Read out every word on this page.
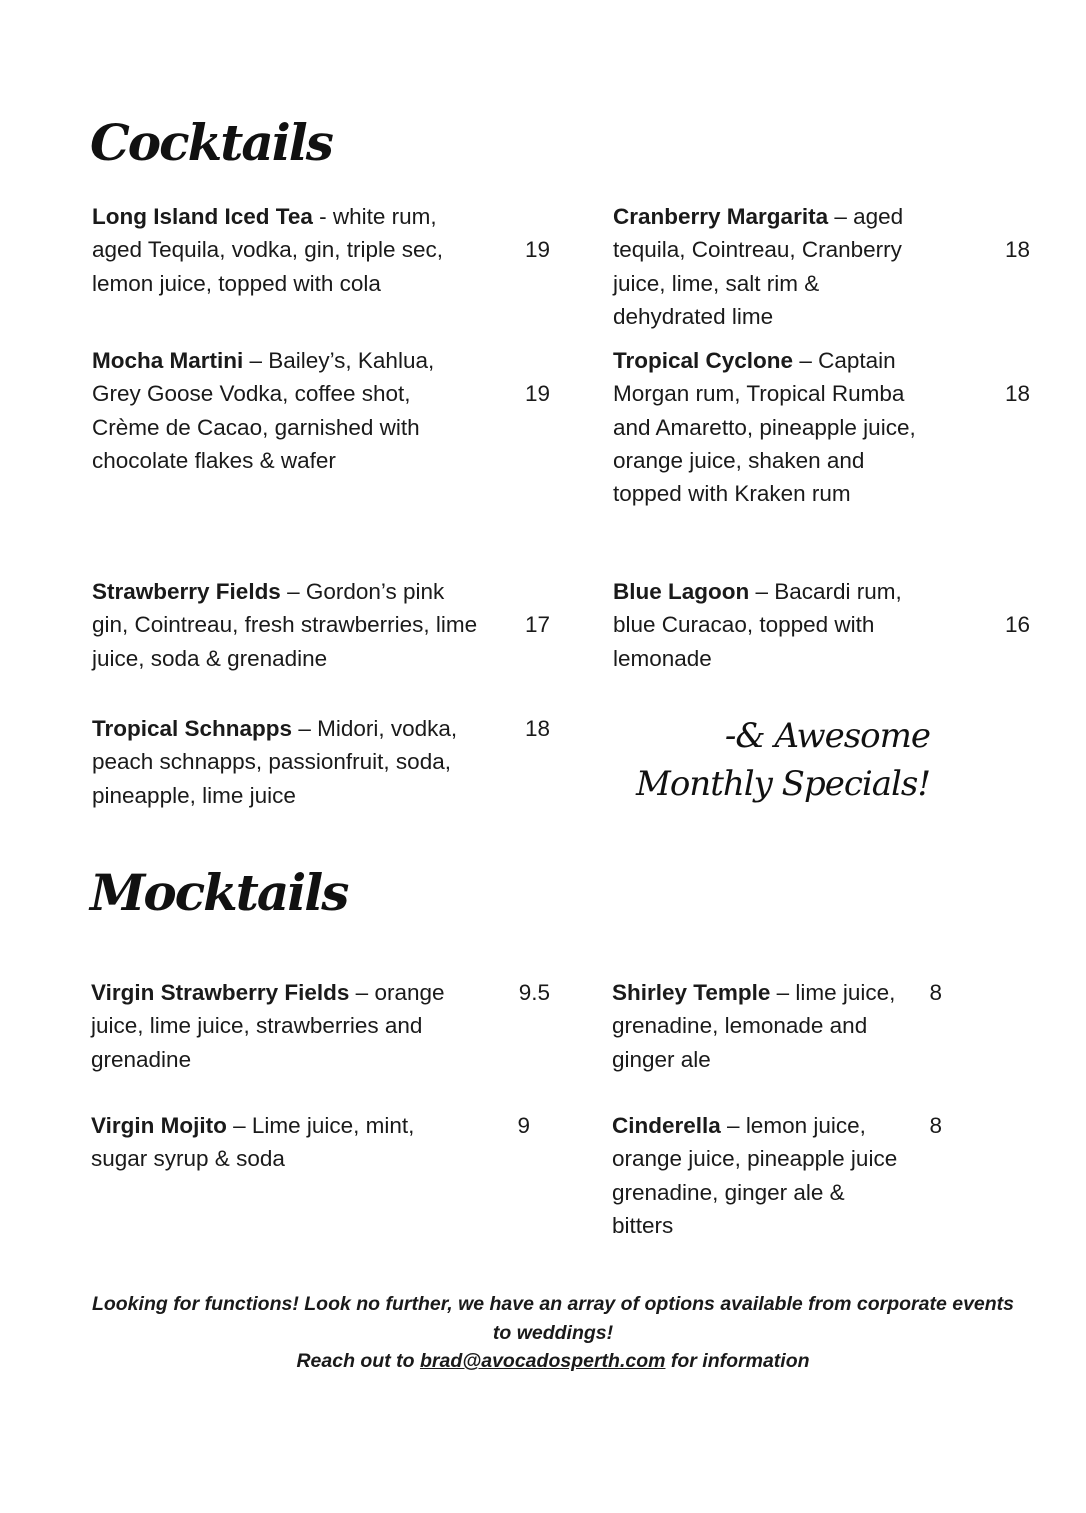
Cocktails

Long Island Iced Tea - white rum, aged Tequila, vodka, gin, triple sec, lemon juice, topped with cola

19

Cranberry Margarita – aged tequila, Cointreau, Cranberry juice, lime, salt rim & dehydrated lime

18

Mocha Martini – Bailey’s, Kahlua, Grey Goose Vodka, coffee shot, Crème de Cacao, garnished with chocolate flakes & wafer

19

Tropical Cyclone – Captain Morgan rum, Tropical Rumba and Amaretto, pineapple juice, orange juice, shaken and topped with Kraken rum

18

Strawberry Fields – Gordon’s pink gin, Cointreau, fresh strawberries, lime juice, soda & grenadine

17

Blue Lagoon – Bacardi rum, blue Curacao, topped with lemonade

16

Tropical Schnapps – Midori, vodka, peach schnapps, passionfruit, soda, pineapple, lime juice

18	-& Awesome Monthly Specials!
Mocktails

Virgin Strawberry Fields – orange juice, lime juice, strawberries and grenadine

9.5	Shirley Temple – lime juice, grenadine, lemonade and ginger ale

8

Virgin Mojito – Lime juice, mint, sugar syrup & soda

9	Cinderella – lemon juice, orange juice, pineapple juice grenadine, ginger ale & bitters

8

Looking for functions! Look no further, we have an array of options available from corporate events to weddings!
Reach out to brad@avocadosperth.com for information
